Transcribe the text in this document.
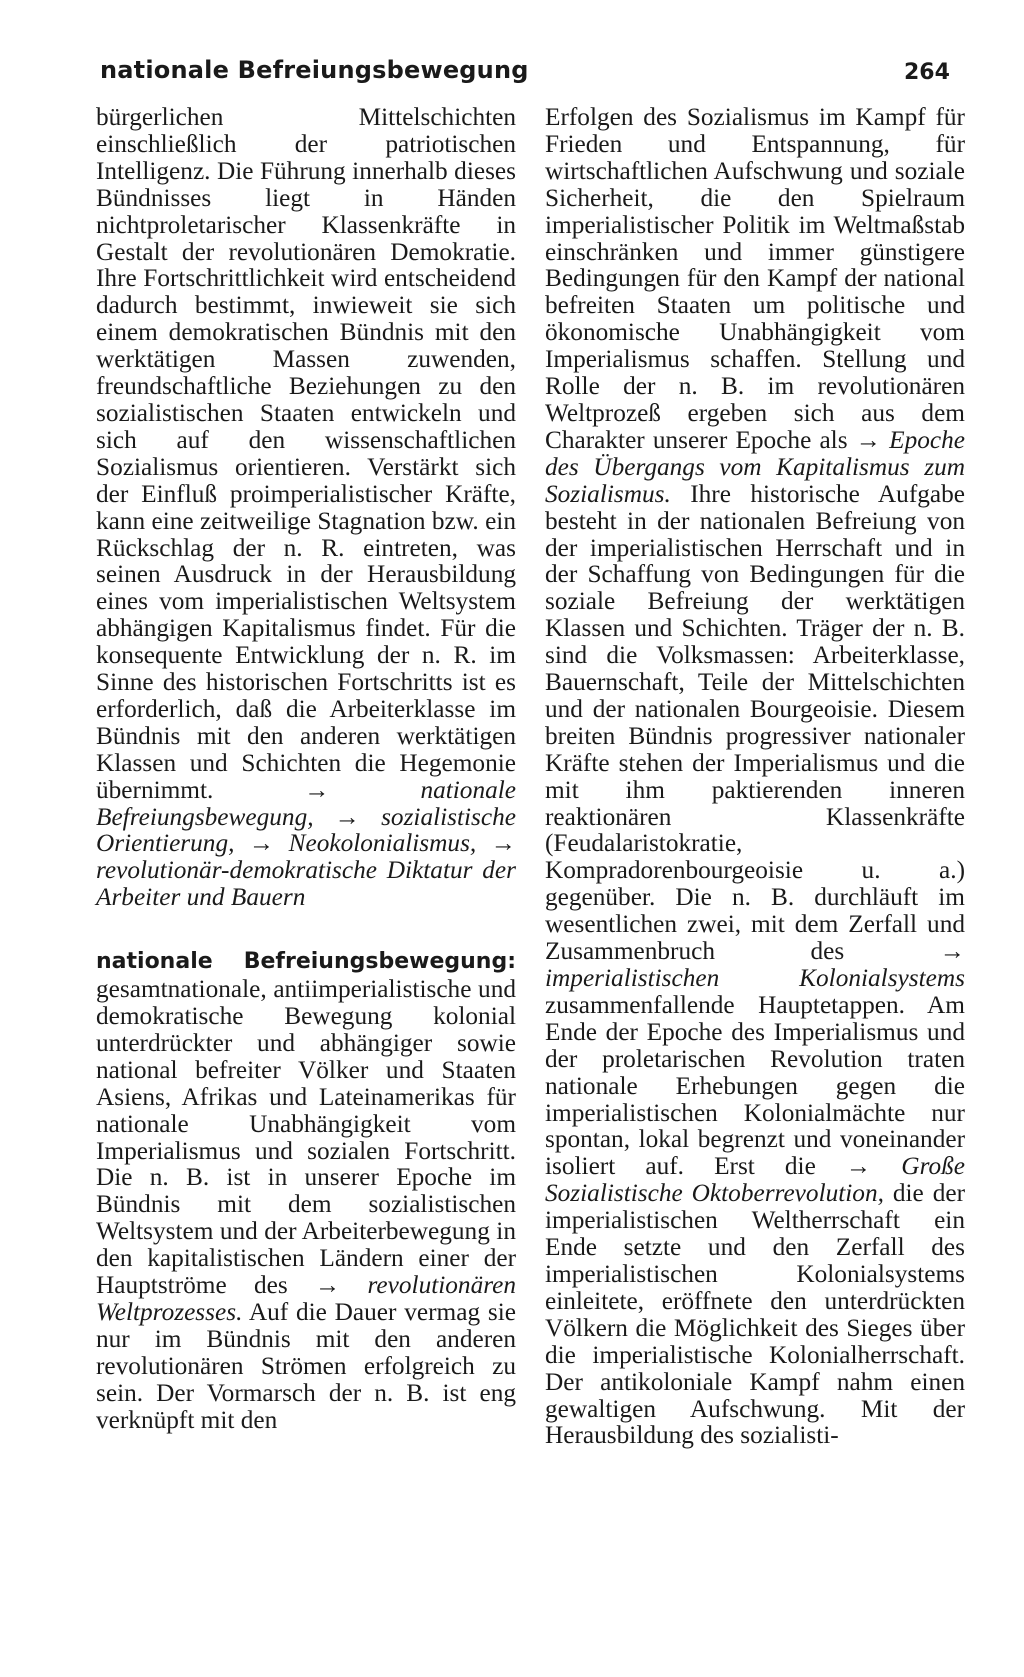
nationale Befreiungsbewegung	264

bürgerlichen Mittelschichten einschließlich der patriotischen Intelligenz. Die Führung innerhalb dieses Bündnisses liegt in Händen nichtproletarischer Klassenkräfte in Gestalt der revolutionären Demokratie. Ihre Fortschrittlichkeit wird entscheidend dadurch bestimmt, inwieweit sie sich einem demokratischen Bündnis mit den werktätigen Massen zuwenden, freundschaftliche Beziehungen zu den sozialistischen Staaten entwickeln und sich auf den wissenschaftlichen Sozialismus orientieren. Verstärkt sich der Einfluß proimperialistischer Kräfte, kann eine zeitweilige Stagnation bzw. ein Rückschlag der n. R. eintreten, was seinen Ausdruck in der Herausbildung eines vom imperialistischen Weltsystem abhängigen Kapitalismus findet. Für die konsequente Entwicklung der n. R. im Sinne des historischen Fortschritts ist es erforderlich, daß die Arbeiterklasse im Bündnis mit den anderen werktätigen Klassen und Schichten die Hegemonie übernimmt.	→	nationale Befreiungsbewegung, → sozialistische Orientierung, → Neokolonialismus, → revolutionär-demokratische Diktatur der Arbeiter und Bauern

nationale Befreiungsbewegung: gesamtnationale, antiimperialistische und demokratische Bewegung kolonial unterdrückter und abhängiger sowie national befreiter Völker und Staaten Asiens, Afrikas und Lateinamerikas für nationale Unabhängigkeit vom Imperialismus und sozialen Fortschritt. Die n. B. ist in unserer Epoche im Bündnis mit dem sozialistischen Weltsystem und der Arbeiterbewegung in den kapitalistischen Ländern einer der Hauptströme des → revolutionären Weltprozesses. Auf die Dauer vermag sie nur im Bündnis mit den anderen revolutionären Strömen erfolgreich zu sein. Der Vormarsch der n. B. ist eng verknüpft mit den

Erfolgen des Sozialismus im Kampf für Frieden und Entspannung, für wirtschaftlichen Aufschwung und soziale Sicherheit, die den Spielraum imperialistischer Politik im Weltmaßstab einschränken und immer günstigere Bedingungen für den Kampf der national befreiten Staaten um politische und ökonomische Unabhängigkeit vom Imperialismus schaffen. Stellung und Rolle der n. B. im revolutionären Weltprozeß ergeben sich aus dem Charakter unserer Epoche als → Epoche des Übergangs vom Kapitalismus zum Sozialismus. Ihre historische Aufgabe besteht in der nationalen Befreiung von der imperialistischen Herrschaft und in der Schaffung von Bedingungen für die soziale Befreiung der werktätigen Klassen und Schichten. Träger der n. B. sind die Volksmassen: Arbeiterklasse, Bauernschaft, Teile der Mittelschichten und der nationalen Bourgeoisie. Diesem breiten Bündnis progressiver nationaler Kräfte stehen der Imperialismus und die mit ihm paktierenden inneren reaktionären Klassenkräfte (Feudalaristokratie, Kompradorenbourgeoisie u. a.) gegenüber. Die n. B. durchläuft im wesentlichen zwei, mit dem Zerfall und Zusammenbruch des	→ imperialistischen Kolonialsystems zusammenfallende Hauptetappen. Am Ende der Epoche des Imperialismus und der proletarischen Revolution traten nationale Erhebungen gegen die imperialistischen Kolonialmächte nur spontan, lokal begrenzt und voneinander isoliert auf. Erst die → Große Sozialistische Oktoberrevolution, die der imperialistischen Weltherrschaft ein Ende setzte und den Zerfall des imperialistischen Kolonialsystems einleitete, eröffnete den unterdrückten Völkern die Möglichkeit des Sieges über die imperialistische Kolonialherrschaft. Der antikoloniale Kampf nahm einen gewaltigen Aufschwung. Mit der Herausbildung des sozialisti-
